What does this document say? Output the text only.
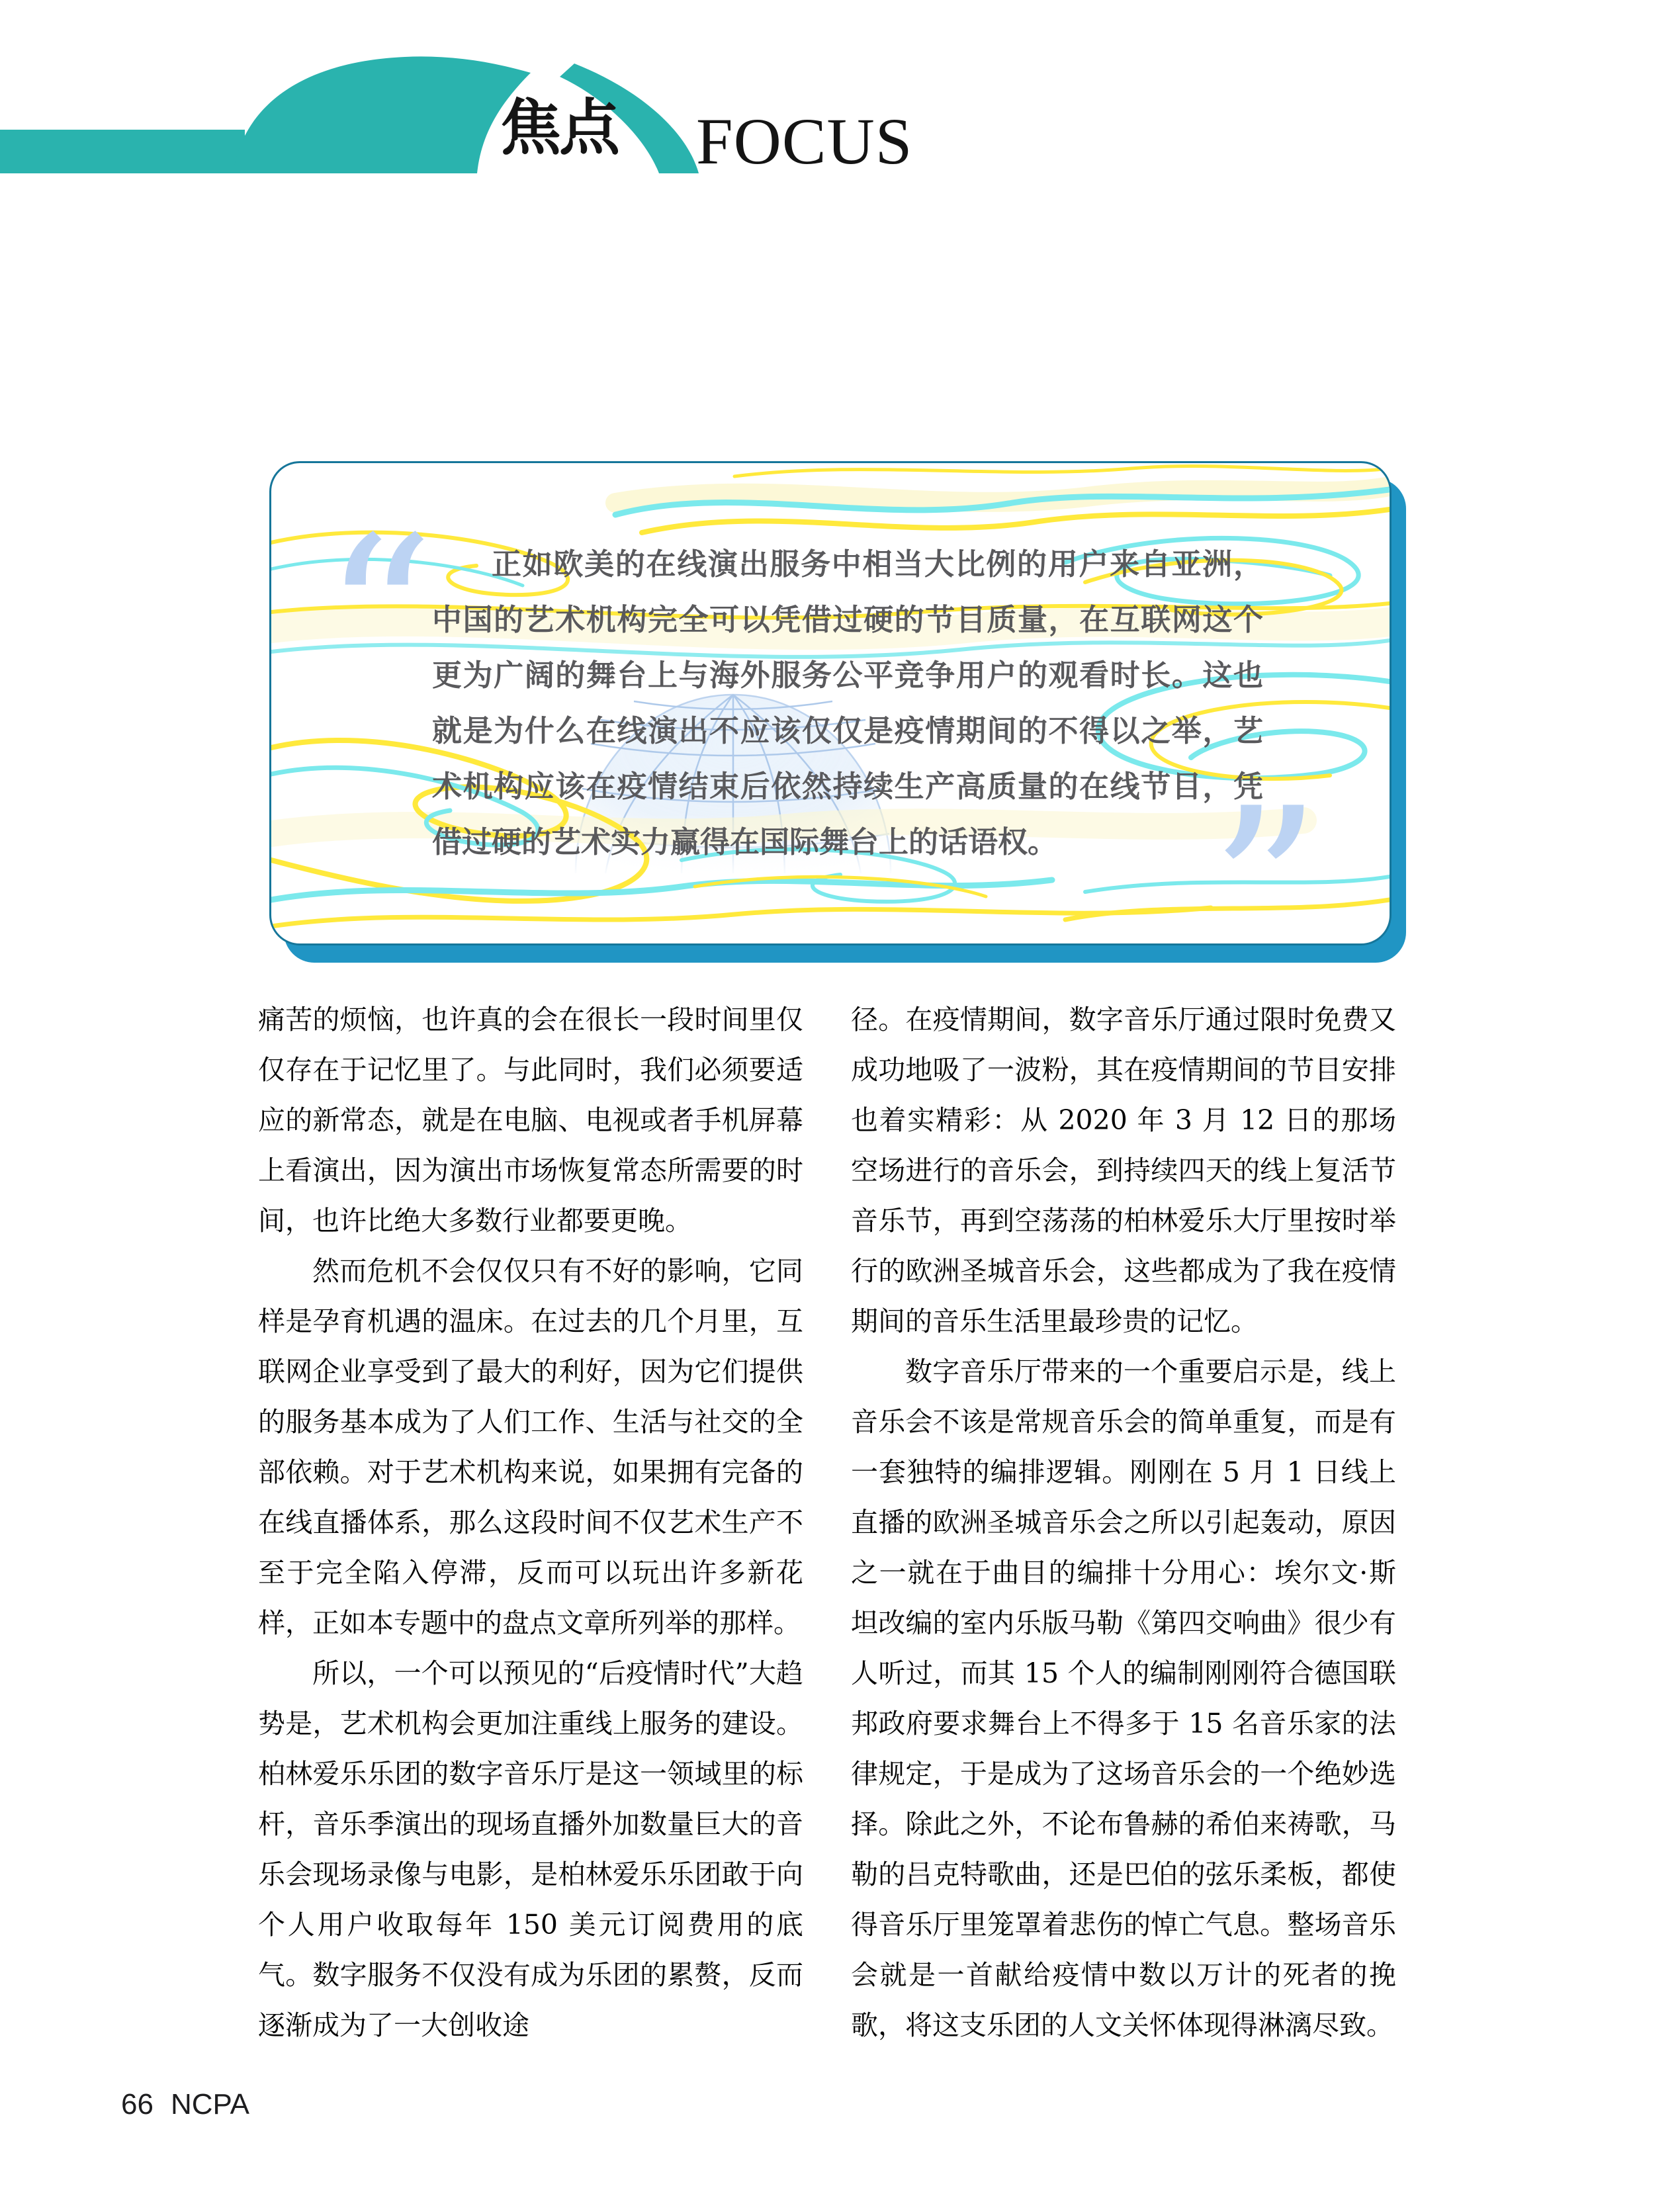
焦点 FOCUS
“	正如欧美的在线演出服务中相当大比例的用户来自亚洲，中国的艺术机构完全可以凭借过硬的节目质量，在互联网这个更为广阔的舞台上与海外服务公平竞争用户的观看时长。这也就是为什么在线演出不应该仅仅是疫情期间的不得以之举，艺术机构应该在疫情结束后依然持续生产高质量的在线节目，凭借过硬的艺术实力赢得在国际舞台上的话语权。 ”

痛苦的烦恼，也许真的会在很长一段时间里仅仅存在于记忆里了。与此同时，我们必须要适应的新常态，就是在电脑、电视或者手机屏幕上看演出，因为演出市场恢复常态所需要的时间，也许比绝大多数行业都要更晚。

然而危机不会仅仅只有不好的影响，它同样是孕育机遇的温床。在过去的几个月里，互联网企业享受到了最大的利好，因为它们提供的服务基本成为了人们工作、生活与社交的全部依赖。对于艺术机构来说，如果拥有完备的在线直播体系，那么这段时间不仅艺术生产不至于完全陷入停滞，反而可以玩出许多新花样，正如本专题中的盘点文章所列举的那样。

所以，一个可以预见的“后疫情时代”大趋势是，艺术机构会更加注重线上服务的建设。柏林爱乐乐团的数字音乐厅是这一领域里的标杆，音乐季演出的现场直播外加数量巨大的音乐会现场录像与电影，是柏林爱乐乐团敢于向个人用户收取每年 150 美元订阅费用的底气。数字服务不仅没有成为乐团的累赘，反而逐渐成为了一大创收途

径。在疫情期间，数字音乐厅通过限时免费又成功地吸了一波粉，其在疫情期间的节目安排也着实精彩：从 2020 年 3 月 12 日的那场空场进行的音乐会，到持续四天的线上复活节音乐节，再到空荡荡的柏林爱乐大厅里按时举行的欧洲圣城音乐会，这些都成为了我在疫情期间的音乐生活里最珍贵的记忆。

数字音乐厅带来的一个重要启示是，线上音乐会不该是常规音乐会的简单重复，而是有一套独特的编排逻辑。刚刚在 5 月 1 日线上直播的欧洲圣城音乐会之所以引起轰动，原因之一就在于曲目的编排十分用心：埃尔文·斯坦改编的室内乐版马勒《第四交响曲》很少有人听过，而其 15 个人的编制刚刚符合德国联邦政府要求舞台上不得多于 15 名音乐家的法律规定，于是成为了这场音乐会的一个绝妙选择。除此之外，不论布鲁赫的希伯来祷歌，马勒的吕克特歌曲，还是巴伯的弦乐柔板，都使得音乐厅里笼罩着悲伤的悼亡气息。整场音乐会就是一首献给疫情中数以万计的死者的挽歌，将这支乐团的人文关怀体现得淋漓尽致。

66 NCPA
